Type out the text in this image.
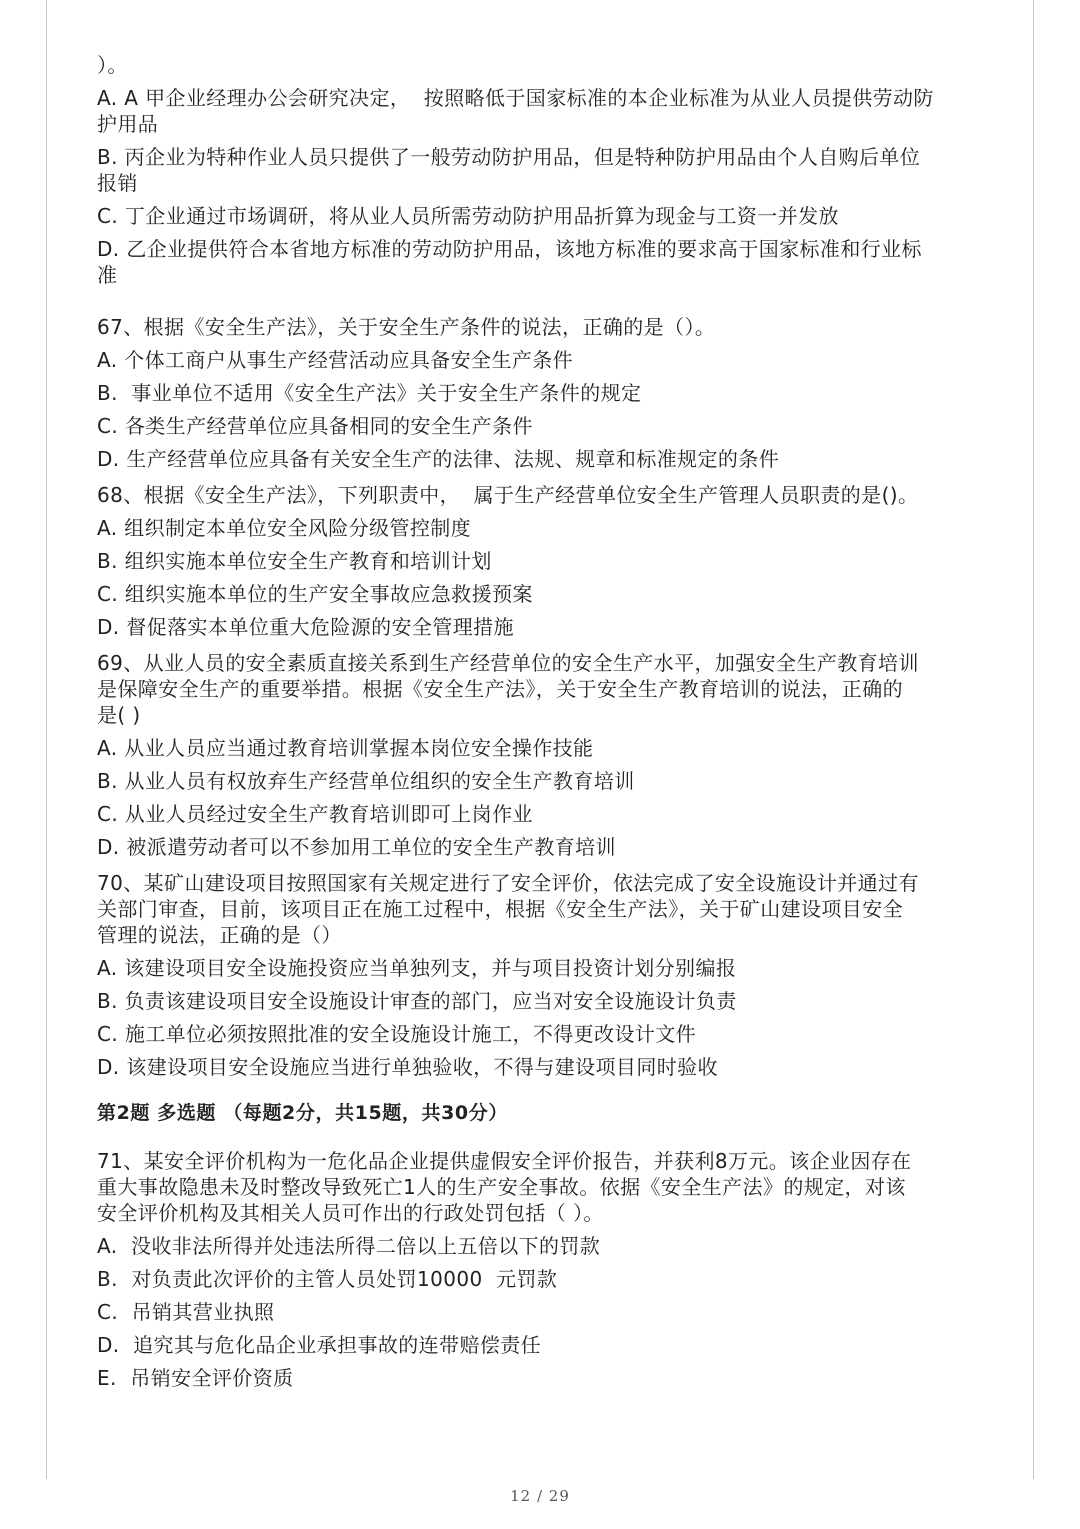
）。
A. A 甲企业经理办公会研究决定，  按照略低于国家标准的本企业标准为从业人员提供劳动防
护用品
B. 丙企业为特种作业人员只提供了一般劳动防护用品，但是特种防护用品由个人自购后单位
报销
C. 丁企业通过市场调研，将从业人员所需劳动防护用品折算为现金与工资一并发放
D. 乙企业提供符合本省地方标准的劳动防护用品，该地方标准的要求高于国家标准和行业标
准
67、根据《安全生产法》，关于安全生产条件的说法，正确的是（）。
A. 个体工商户从事生产经营活动应具备安全生产条件
B.  事业单位不适用《安全生产法》关于安全生产条件的规定
C. 各类生产经营单位应具备相同的安全生产条件
D. 生产经营单位应具备有关安全生产的法律、法规、规章和标准规定的条件
68、根据《安全生产法》，下列职责中，  属于生产经营单位安全生产管理人员职责的是()。
A. 组织制定本单位安全风险分级管控制度
B. 组织实施本单位安全生产教育和培训计划
C. 组织实施本单位的生产安全事故应急救援预案
D. 督促落实本单位重大危险源的安全管理措施
69、从业人员的安全素质直接关系到生产经营单位的安全生产水平，加强安全生产教育培训
是保障安全生产的重要举措。根据《安全生产法》，关于安全生产教育培训的说法，正确的
是( )
A. 从业人员应当通过教育培训掌握本岗位安全操作技能
B. 从业人员有权放弃生产经营单位组织的安全生产教育培训
C. 从业人员经过安全生产教育培训即可上岗作业
D. 被派遣劳动者可以不参加用工单位的安全生产教育培训
70、某矿山建设项目按照国家有关规定进行了安全评价，依法完成了安全设施设计并通过有
关部门审查，目前，该项目正在施工过程中，根据《安全生产法》，关于矿山建设项目安全
管理的说法，正确的是（）
A. 该建设项目安全设施投资应当单独列支，并与项目投资计划分别编报
B. 负责该建设项目安全设施设计审查的部门，应当对安全设施设计负责
C. 施工单位必须按照批准的安全设施设计施工，不得更改设计文件
D. 该建设项目安全设施应当进行单独验收，不得与建设项目同时验收
第2题 多选题 （每题2分，共15题，共30分）
71、某安全评价机构为一危化品企业提供虚假安全评价报告，并获利8万元。该企业因存在
重大事故隐患未及时整改导致死亡1人的生产安全事故。依据《安全生产法》的规定，对该
安全评价机构及其相关人员可作出的行政处罚包括（ ）。
A.  没收非法所得并处违法所得二倍以上五倍以下的罚款
B.  对负责此次评价的主管人员处罚10000  元罚款
C.  吊销其营业执照
D.  追究其与危化品企业承担事故的连带赔偿责任
E.  吊销安全评价资质
12 / 29
